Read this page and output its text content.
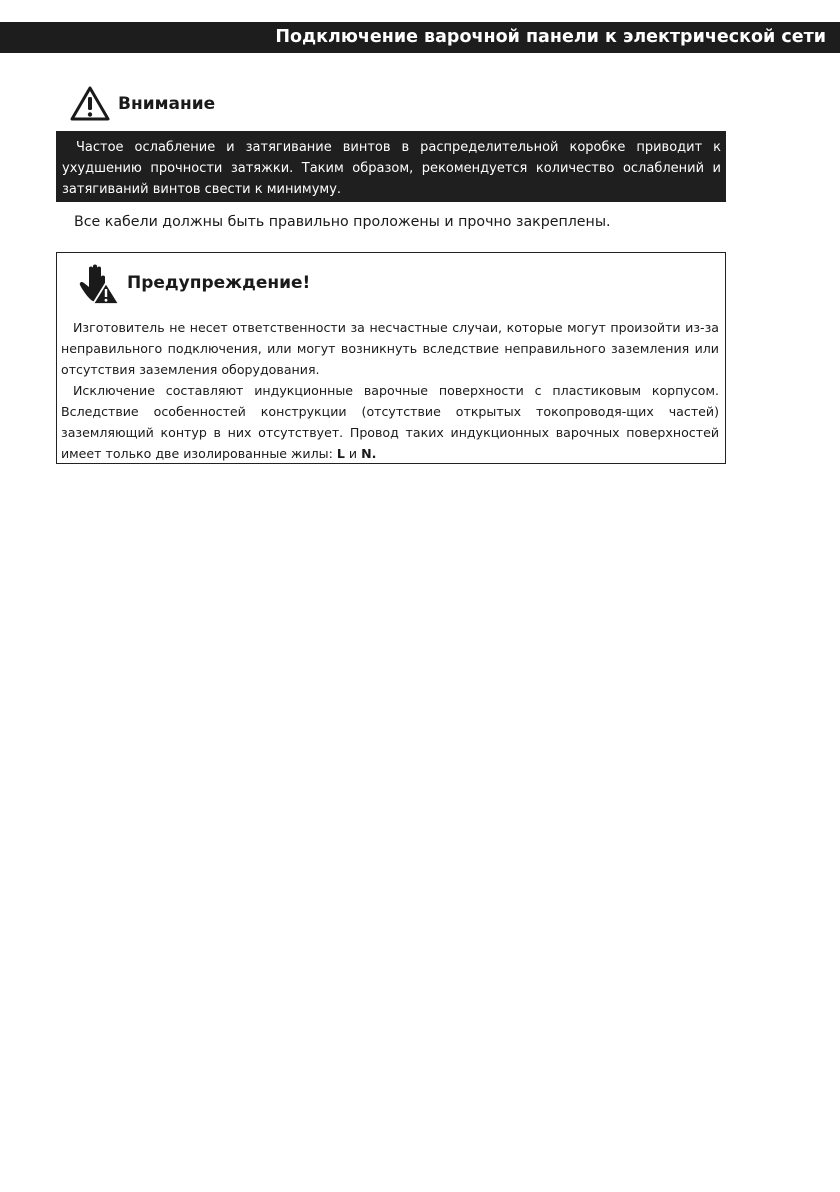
Подключение варочной панели к электрической сети
Внимание
Частое ослабление и затягивание винтов в распределительной коробке приводит к ухудшению прочности затяжки. Таким образом, рекомендуется количество ослаблений и затягиваний винтов свести к минимуму.
Все кабели должны быть правильно проложены и прочно закреплены.
Предупреждение!

Изготовитель не несет ответственности за несчастные случаи, которые могут произойти из-за неправильного подключения, или могут возникнуть вследствие неправильного заземления или отсутствия заземления оборудования.

Исключение составляют индукционные варочные поверхности с пластиковым корпусом. Вследствие особенностей конструкции (отсутствие открытых токопроводя-щих частей) заземляющий контур в них отсутствует. Провод таких индукционных варочных поверхностей имеет только две изолированные жилы: L и N.
